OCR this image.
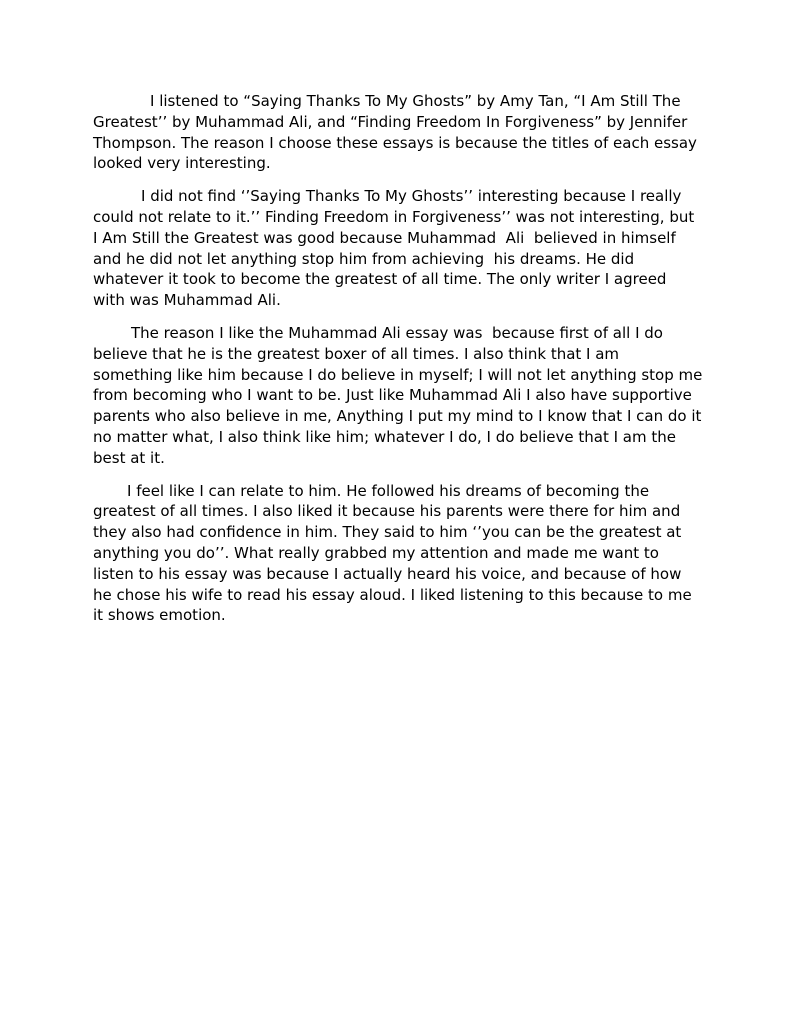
I listened to “Saying Thanks To My Ghosts” by Amy Tan, “I Am Still The Greatest’’ by Muhammad Ali, and “Finding Freedom In Forgiveness” by Jennifer Thompson. The reason I choose these essays is because the titles of each essay looked very interesting.

I did not find ‘’Saying Thanks To My Ghosts’’ interesting because I really could not relate to it.’’ Finding Freedom in Forgiveness’’ was not interesting, but  I Am Still the Greatest was good because Muhammad  Ali  believed in himself and he did not let anything stop him from achieving  his dreams. He did whatever it took to become the greatest of all time. The only writer I agreed with was Muhammad Ali.

The reason I like the Muhammad Ali essay was  because first of all I do believe that he is the greatest boxer of all times. I also think that I am something like him because I do believe in myself; I will not let anything stop me from becoming who I want to be. Just like Muhammad Ali I also have supportive parents who also believe in me, Anything I put my mind to I know that I can do it no matter what, I also think like him; whatever I do, I do believe that I am the best at it.

I feel like I can relate to him. He followed his dreams of becoming the greatest of all times. I also liked it because his parents were there for him and they also had confidence in him. They said to him ‘’you can be the greatest at anything you do’’. What really grabbed my attention and made me want to listen to his essay was because I actually heard his voice, and because of how he chose his wife to read his essay aloud. I liked listening to this because to me it shows emotion.
